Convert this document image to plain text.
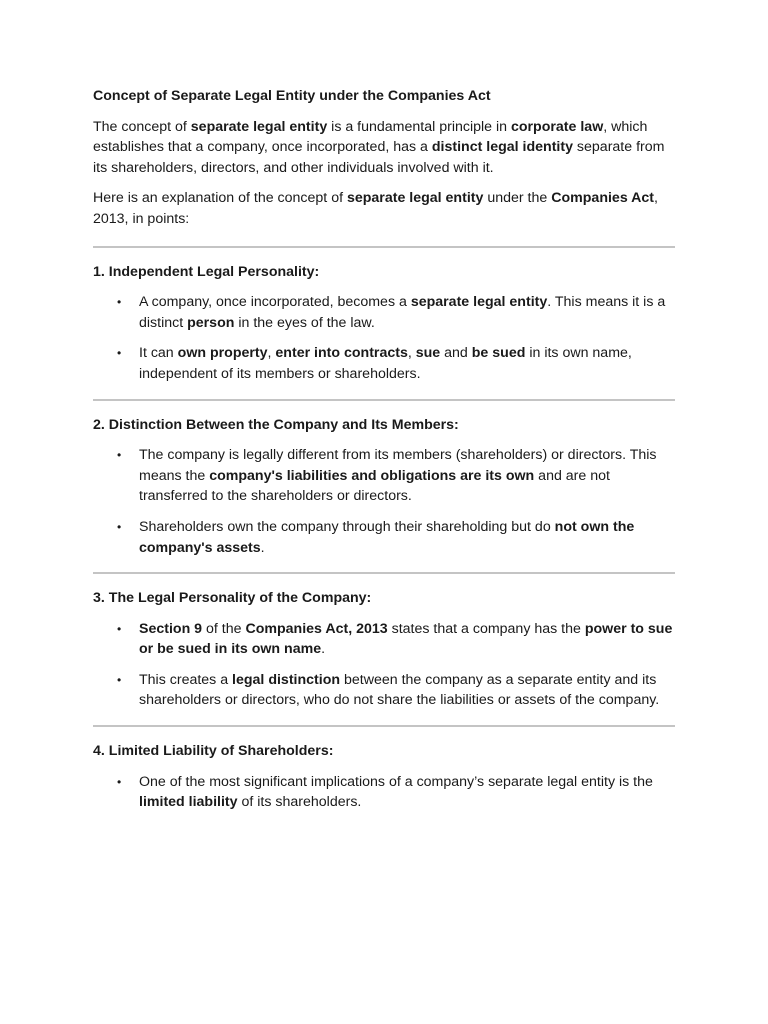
Concept of Separate Legal Entity under the Companies Act

The concept of separate legal entity is a fundamental principle in corporate law, which establishes that a company, once incorporated, has a distinct legal identity separate from its shareholders, directors, and other individuals involved with it.

Here is an explanation of the concept of separate legal entity under the Companies Act, 2013, in points:

1. Independent Legal Personality:

• A company, once incorporated, becomes a separate legal entity. This means it is a distinct person in the eyes of the law.
• It can own property, enter into contracts, sue and be sued in its own name, independent of its members or shareholders.

2. Distinction Between the Company and Its Members:

• The company is legally different from its members (shareholders) or directors. This means the company's liabilities and obligations are its own and are not transferred to the shareholders or directors.
• Shareholders own the company through their shareholding but do not own the company's assets.

3. The Legal Personality of the Company:

• Section 9 of the Companies Act, 2013 states that a company has the power to sue or be sued in its own name.
• This creates a legal distinction between the company as a separate entity and its shareholders or directors, who do not share the liabilities or assets of the company.

4. Limited Liability of Shareholders:

• One of the most significant implications of a company’s separate legal entity is the limited liability of its shareholders.
